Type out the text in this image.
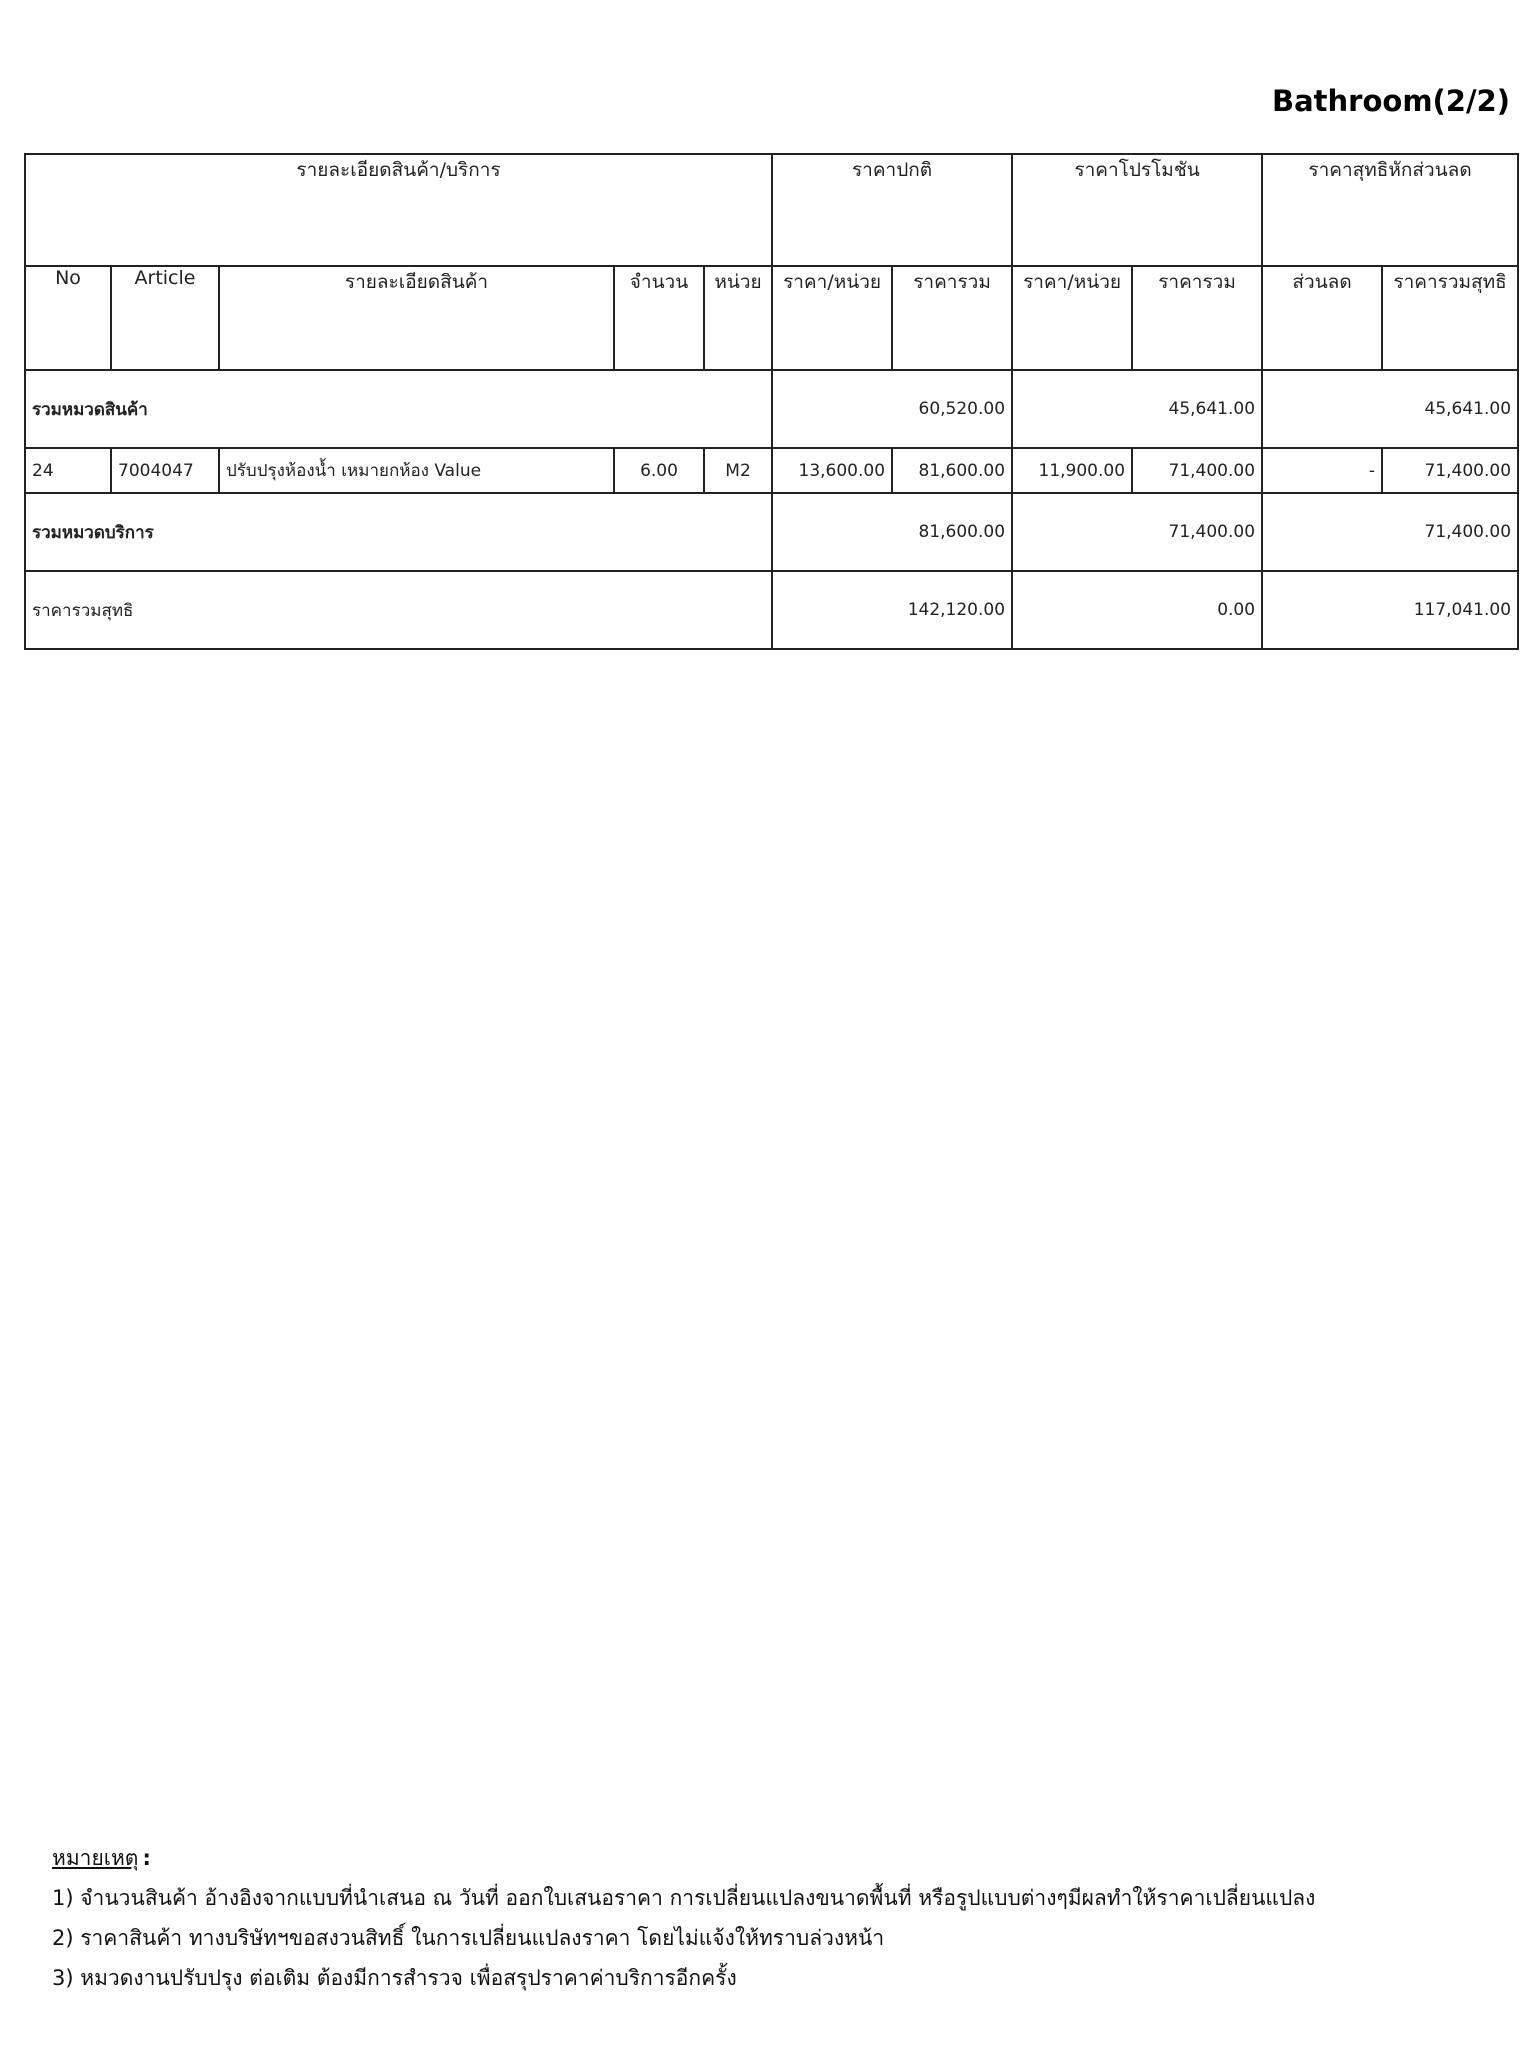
Bathroom(2/2)
รายละเอียดสินค้า/บริการ					ราคาปกติ		ราคาโปรโมชัน		ราคาสุทธิหักส่วนลด	
No	Article	รายละเอียดสินค้า	จำนวน	หน่วย	ราคา/หน่วย	ราคารวม	ราคา/หน่วย	ราคารวม	ส่วนลด	ราคารวมสุทธิ
รวมหมวดสินค้า					60,520.00		45,641.00		45,641.00	
24	7004047	ปรับปรุงห้องน้ำ เหมายกห้อง Value	6.00	M2	13,600.00	81,600.00	11,900.00	71,400.00	-	71,400.00
รวมหมวดบริการ					81,600.00		71,400.00		71,400.00	
ราคารวมสุทธิ					142,120.00		0.00		117,041.00	
หมายเหตุ :
1) จำนวนสินค้า อ้างอิงจากแบบที่นำเสนอ ณ วันที่ ออกใบเสนอราคา การเปลี่ยนแปลงขนาดพื้นที่ หรือรูปแบบต่างๆมีผลทำให้ราคาเปลี่ยนแปลง
2) ราคาสินค้า ทางบริษัทฯขอสงวนสิทธิ์ ในการเปลี่ยนแปลงราคา โดยไม่แจ้งให้ทราบล่วงหน้า
3) หมวดงานปรับปรุง ต่อเติม ต้องมีการสำรวจ เพื่อสรุปราคาค่าบริการอีกครั้ง
